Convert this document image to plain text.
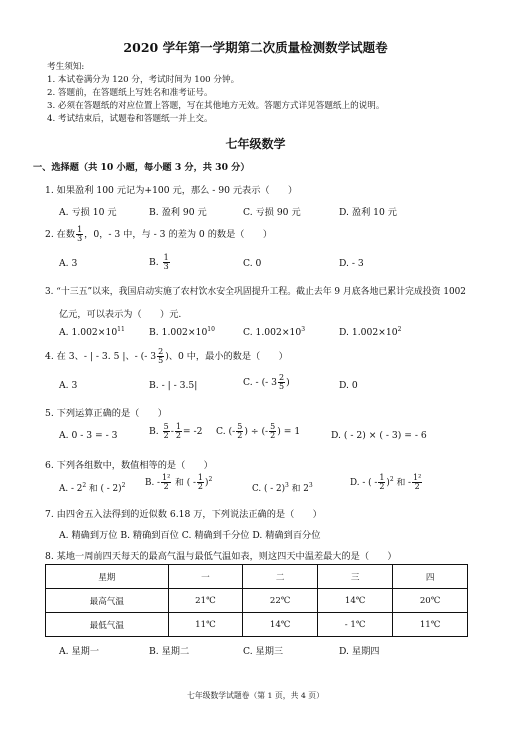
2020 学年第一学期第二次质量检测数学试题卷
考生须知:
1. 本试卷满分为 120 分，考试时间为 100 分钟。
2. 答题前，在答题纸上写姓名和准考证号。
3. 必须在答题纸的对应位置上答题，写在其他地方无效。答题方式详见答题纸上的说明。
4. 考试结束后，试题卷和答题纸一并上交。
七年级数学
一、选择题（共 10 小题，每小题 3 分，共 30 分）
1. 如果盈利 100 元记为+100 元，那么 - 90 元表示（　　）
A. 亏损 10 元	B. 盈利 90 元	C. 亏损 90 元	D. 盈利 10 元
2. 在数 $\frac{1}{3}$ ，0，- 3 中，与 - 3 的差为 0 的数是（　　）
A. 3	B. $\frac{1}{3}$	C. 0	D. - 3
3. “十三五”以来，我国启动实施了农村饮水安全巩固提升工程。截止去年 9 月底各地已累计完成投资 1002
亿元，可以表示为（　　）元.
A. $1.002\times 10^{11}$	B. $1.002\times 10^{10}$	C. $1.002\times 10^3$	D. $1.002\times 10^2$
4. 在 3、- | - 3. 5 |、- (- $3 \frac{2}{5}$ )、0 中，最小的数是（　　）
A. 3	B. - | - 3.5|	C. - (- $3 \frac{2}{5}$ )	D. 0
5. 下列运算正确的是（　　）
A. 0 - 3 = - 3	B. $\frac{5}{2} - \frac{1}{2} = -2$ C. (- $\frac{5}{2}$ ) ÷ (- $\frac{5}{2}$ ) = 1	D. ( - 2) × ( - 3) = - 6
6. 下列各组数中，数值相等的是（　　）
A. - $2^2$ 和 ( - 2)$^2$ B. - $\frac{\text{1²}}{2}$ 和 ( - $\frac{1}{2} )^2$
C. ( - 2)$^3$ 和 $2^3$	D. - ( - $\frac{1}{2} )^2$ 和 - $\frac{\text{1²}}{2}$
7. 由四舍五入法得到的近似数 6.18 万，下列说法正确的是（　　）
A. 精确到万位 B. 精确到百位 C. 精确到千分位 D. 精确到百分位
8. 某地一周前四天每天的最高气温与最低气温如表，则这四天中温差最大的是（　　）
星期	一	二	三	四
最高气温	21℃	22℃	14℃	20℃
最低气温	11℃	14℃	- 1℃	11℃
A. 星期一	B. 星期二	C. 星期三	D. 星期四
七年级数学试题卷（第 1 页，共 4 页）
